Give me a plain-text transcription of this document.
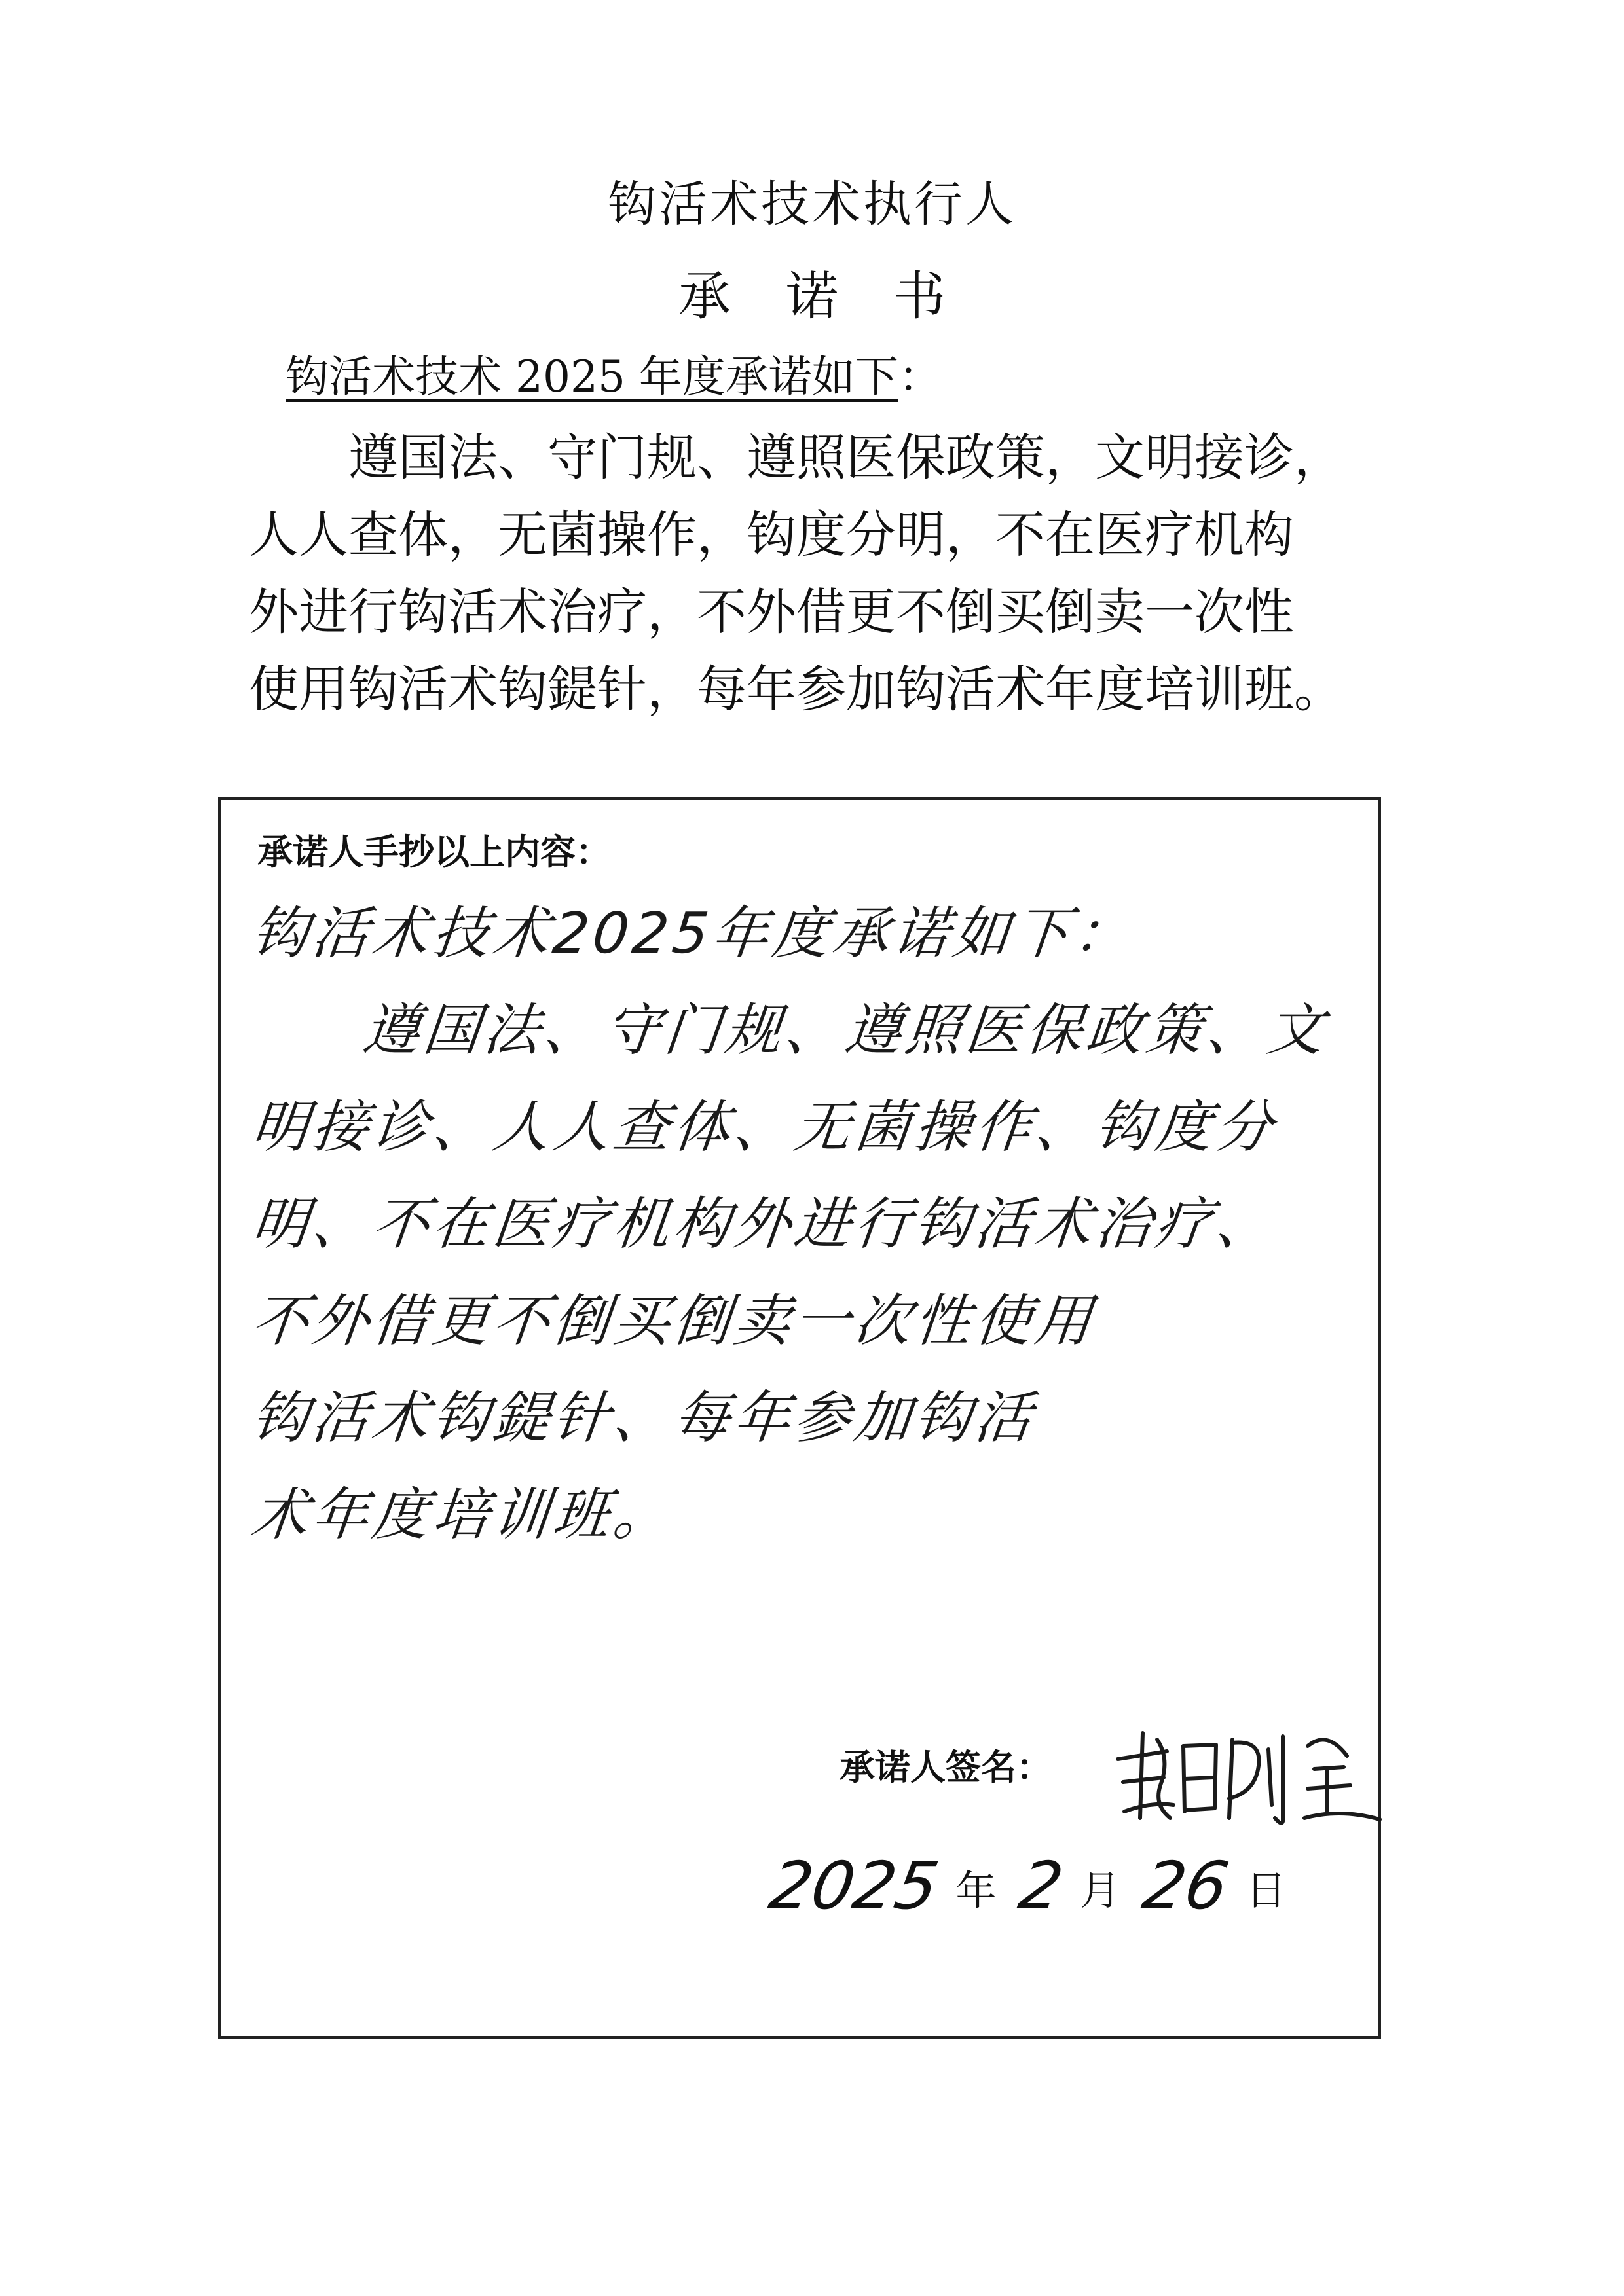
钩活术技术执行人
承诺书
钩活术技术 2025 年度承诺如下：

遵国法、守门规、遵照医保政策，文明接诊，

人人查体，无菌操作，钩度分明，不在医疗机构

外进行钩活术治疗，不外借更不倒买倒卖一次性

使用钩活术钩鍉针，每年参加钩活术年度培训班。

承诺人手抄以上内容：

钩活术技术2025年度承诺如下：

遵国法、守门规、遵照医保政策、文

明接诊、人人查体、无菌操作、钩度分

明、不在医疗机构外进行钩活术治疗、

不外借更不倒买倒卖一次性使用

钩活术钩鍉针、每年参加钩活

术年度培训班。

承诺人签名：
2025 年 2 月 26 日
